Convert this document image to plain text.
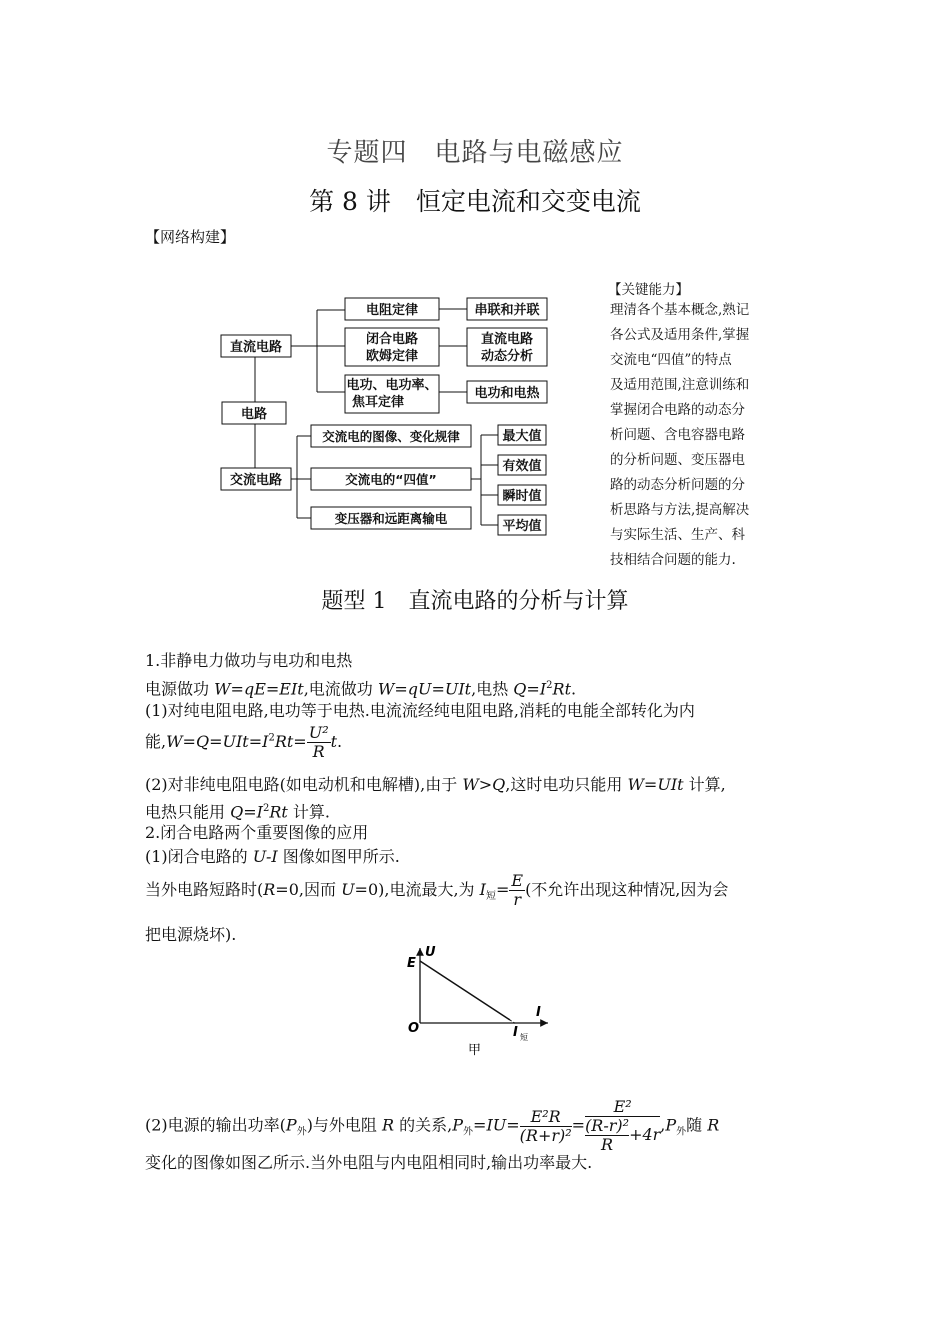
专题四　电路与电磁感应
第 8 讲　恒定电流和交变电流
【网络构建】
直流电路
电路
交流电路
电阻定律
闭合电路
欧姆定律
电功、电功率、
焦耳定律
串联和并联
直流电路
动态分析
电功和电热
交流电的图像、变化规律
交流电的“四值”
变压器和远距离输电
最大值
有效值
瞬时值
平均值
【关键能力】
理清各个基本概念,熟记
各公式及适用条件,掌握
交流电“四值”的特点
及适用范围,注意训练和
掌握闭合电路的动态分
析问题、含电容器电路
的分析问题、变压器电
路的动态分析问题的分
析思路与方法,提高解决
与实际生活、生产、科
技相结合问题的能力.
题型 1　直流电路的分析与计算
1.非静电力做功与电功和电热
电源做功 W=qE=EIt,电流做功 W=qU=UIt,电热 $Q=I^2Rt$.
(1)对纯电阻电路,电功等于电热.电流流经纯电阻电路,消耗的电能全部转化为内
能$,W=Q=UIt=I^2Rt= \frac{\text{U²}}{R} t$.
(2)对非纯电阻电路(如电动机和电解槽),由于 W>Q,这时电功只能用 W=UIt 计算,
电热只能用 $Q=I^2Rt$ 计算.
2.闭合电路两个重要图像的应用
(1)闭合电路的 U-I 图像如图甲所示.
当外电路短路时(R=0,因而 U=0),电流最大,为 $I_短= \frac{E}{r}$ (不允许出现这种情况,因为会
把电源烧坏).
U
I
E
O	I 短
甲
(2)电源的输出功率$(P_外)$与外电阻 R 的关系$,P_外=IU= \frac{\text{E²R}}{\text{(R+r)²}} = \frac{\text{E²}}{\frac{\text{(R-r)²}}{R} +4r} ,P_外$随 R
变化的图像如图乙所示.当外电阻与内电阻相同时,输出功率最大.
